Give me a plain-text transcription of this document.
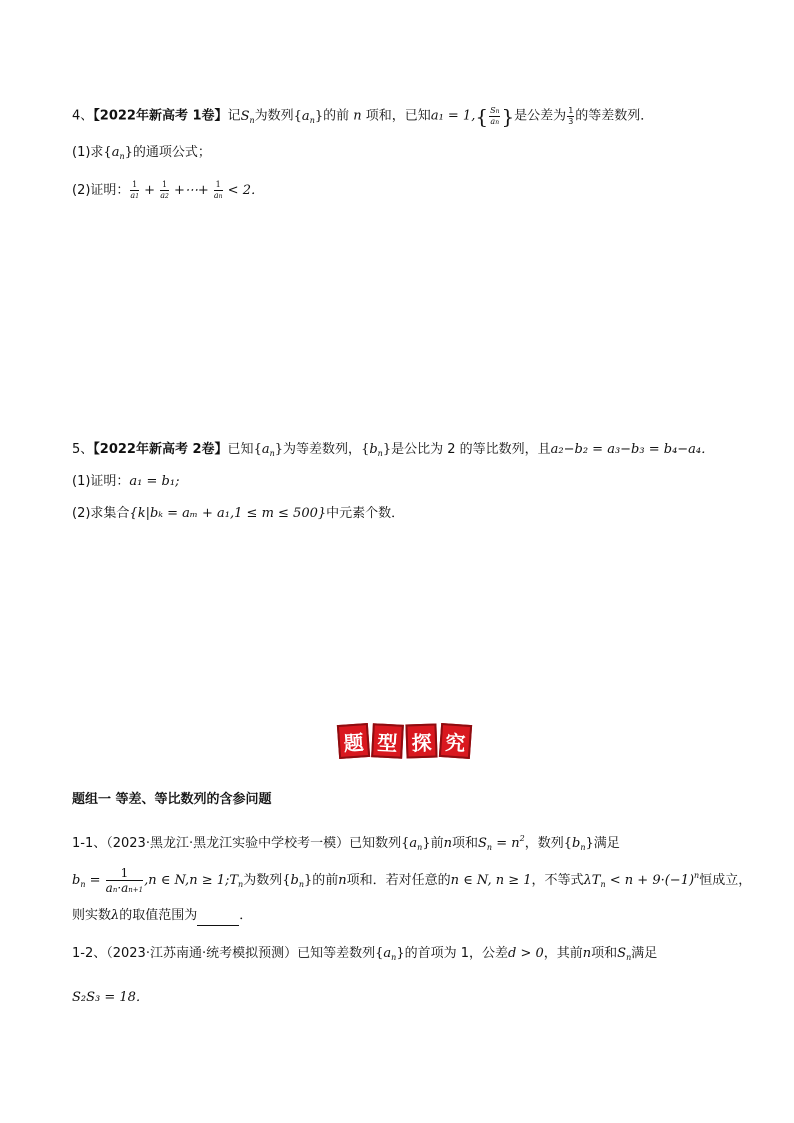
4、【2022年新高考 1卷】记$S_n$为数列$\{a_n\}$的前 n 项和，已知$a_1 = 1,\{ \frac{Sn}{an}$ }是公差为 $\frac{1}{3}$ 的等差数列．
(1)求$\{a_n\}$的通项公式；
(2)证明： $\frac{1}{a1} + \frac{1}{a2}$ +⋯+ $\frac{1}{an} < 2$．
5、【2022年新高考 2卷】已知$\{a_n\}$为等差数列，$\{b_n\}$是公比为 2 的等比数列，且a₂−b₂ = a₃−b₃ = b₄−a₄．
(1)证明：a₁ = b₁;
(2)求集合{k|bₖ = aₘ + a₁,1 ≤ m ≤ 500}中元素个数．
题 型 探 究
题组一 等差、等比数列的含参问题
1-1、（2023·黑龙江·黑龙江实验中学校考一模）已知数列$\{a_n\}$前n项和$S_n = n^2$，数列$\{b_n\}$满足
$b_n = \frac{1}{an\cdot an+1} ,n$ ∈ $N,n \ge 1;T_n$为数列$\{b_n\}$的前n项和．若对任意的n ∈ N, n ≥ 1，不等式$\lambda T_n < n + 9\cdot(-1)^n$恒成立，
则实数λ的取值范围为	．
1-2、（2023·江苏南通·统考模拟预测）已知等差数列$\{a_n\}$的首项为 1，公差d > 0，其前n项和$S_n$满足
S₂S₃ = 18．
